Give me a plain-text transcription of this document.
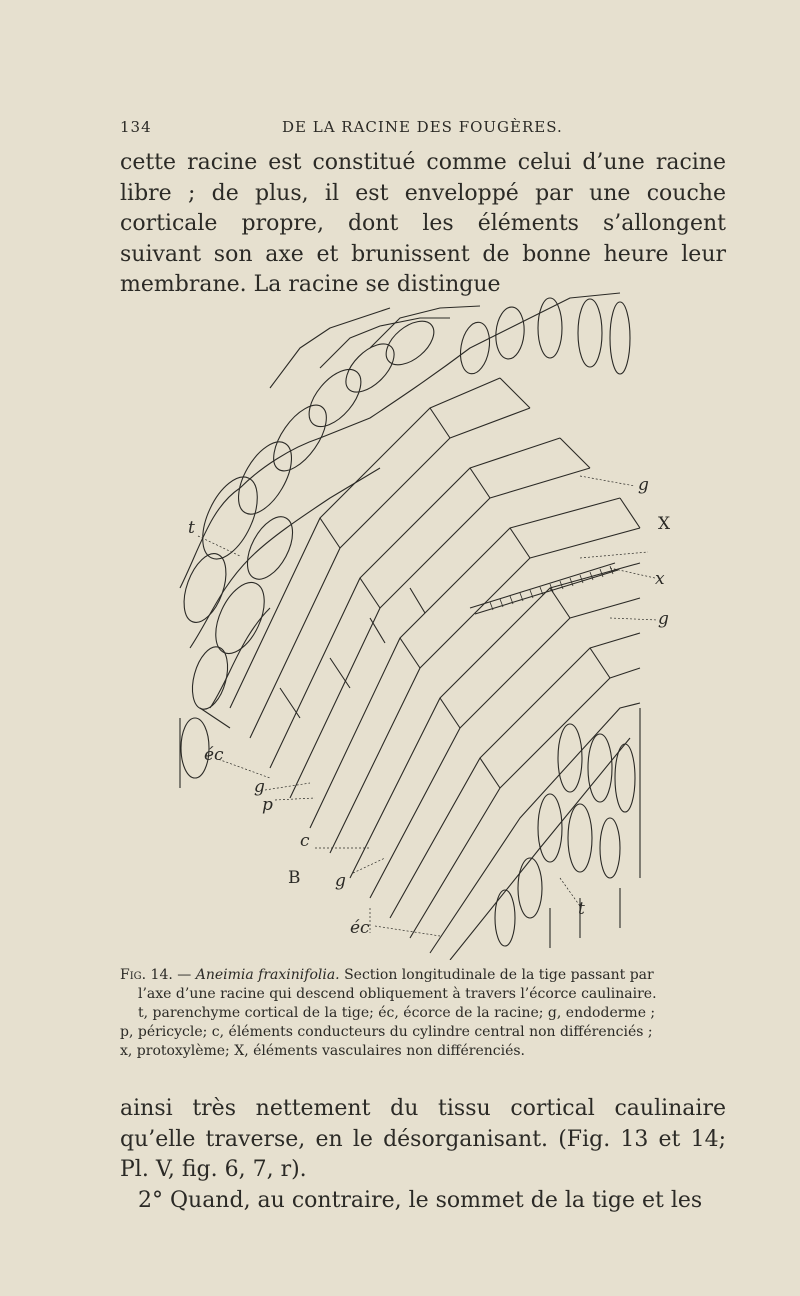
134	DE LA RACINE DES FOUGÈRES.

cette racine est constitué comme celui d’une racine libre ; de plus, il est enveloppé par une couche corticale propre, dont les éléments s’allongent suivant son axe et brunissent de bonne heure leur membrane. La racine se distingue

t
g
x
g
éc
g
p
c
g
éc
t
X
B

Fig. 14. — Aneimia fraxinifolia. Section longitudinale de la tige passant par

l’axe d’une racine qui descend obliquement à travers l’écorce caulinaire.

t, parenchyme cortical de la tige; éc, écorce de la racine; g, endoderme ;

p, péricycle; c, éléments conducteurs du cylindre central non différenciés ;

x, protoxylème; X, éléments vasculaires non différenciés.

ainsi très nettement du tissu cortical caulinaire qu’elle traverse, en le désorganisant. (Fig. 13 et 14; Pl. V, fig. 6, 7, r).

2° Quand, au contraire, le sommet de la tige et les
